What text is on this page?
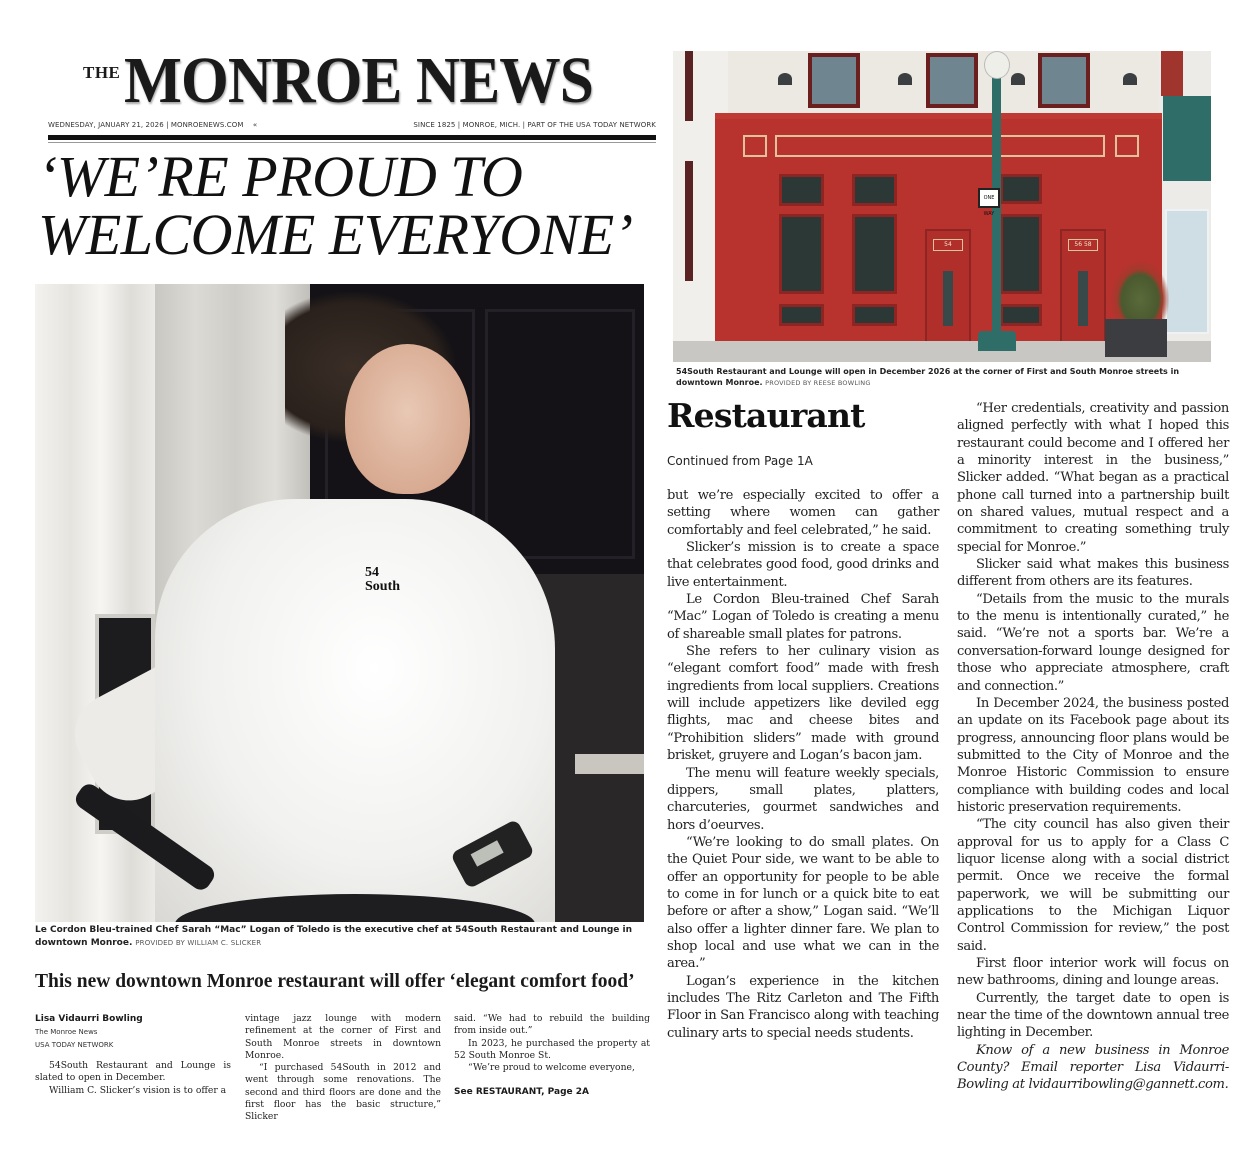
THEMONROE NEWS
WEDNESDAY, JANUARY 21, 2026 | MONROENEWS.COM «	SINCE 1825 | MONROE, MICH. | PART OF THE USA TODAY NETWORK
‘WE’RE PROUD TO
WELCOME EVERYONE’
54
South
Le Cordon Bleu-trained Chef Sarah “Mac” Logan of Toledo is the executive chef at 54South Restaurant and Lounge in downtown Monroe. PROVIDED BY WILLIAM C. SLICKER
This new downtown Monroe restaurant will offer ‘elegant comfort food’
Lisa Vidaurri Bowling
The Monroe News
USA TODAY NETWORK

54South Restaurant and Lounge is slated to open in December.

William C. Slicker’s vision is to offer a

vintage jazz lounge with modern refinement at the corner of First and South Monroe streets in downtown Monroe.

“I purchased 54South in 2012 and went through some renovations. The second and third floors are done and the first floor has the basic structure,” Slicker

said. “We had to rebuild the building from inside out.”

In 2023, he purchased the property at 52 South Monroe St.

“We’re proud to welcome everyone,

See RESTAURANT, Page 2A
54	56 58
ONE WAY
54South Restaurant and Lounge will open in December 2026 at the corner of First and South Monroe streets in downtown Monroe. PROVIDED BY REESE BOWLING
Restaurant
Continued from Page 1A

but we’re especially excited to offer a setting where women can gather comfortably and feel celebrated,” he said.

Slicker’s mission is to create a space that celebrates good food, good drinks and live entertainment.

Le Cordon Bleu-trained Chef Sarah “Mac” Logan of Toledo is creating a menu of shareable small plates for patrons.

She refers to her culinary vision as “elegant comfort food” made with fresh ingredients from local suppliers. Creations will include appetizers like deviled egg flights, mac and cheese bites and “Prohibition sliders” made with ground brisket, gruyere and Logan’s bacon jam.

The menu will feature weekly specials, dippers, small plates, platters, charcuteries, gourmet sandwiches and hors d’oeurves.

“We’re looking to do small plates. On the Quiet Pour side, we want to be able to offer an opportunity for people to be able to come in for lunch or a quick bite to eat before or after a show,” Logan said. “We’ll also offer a lighter dinner fare. We plan to shop local and use what we can in the area.”

Logan’s experience in the kitchen includes The Ritz Carleton and The Fifth Floor in San Francisco along with teaching culinary arts to special needs students.

“Her credentials, creativity and passion aligned perfectly with what I hoped this restaurant could become and I offered her a minority interest in the business,” Slicker added. “What began as a practical phone call turned into a partnership built on shared values, mutual respect and a commitment to creating something truly special for Monroe.”

Slicker said what makes this business different from others are its features.

“Details from the music to the murals to the menu is intentionally curated,” he said. “We’re not a sports bar. We’re a conversation-forward lounge designed for those who appreciate atmosphere, craft and connection.”

In December 2024, the business posted an update on its Facebook page about its progress, announcing floor plans would be submitted to the City of Monroe and the Monroe Historic Commission to ensure compliance with building codes and local historic preservation requirements.

“The city council has also given their approval for us to apply for a Class C liquor license along with a social district permit. Once we receive the formal paperwork, we will be submitting our applications to the Michigan Liquor Control Commission for review,” the post said.

First floor interior work will focus on new bathrooms, dining and lounge areas.

Currently, the target date to open is near the time of the downtown annual tree lighting in December.

Know of a new business in Monroe County? Email reporter Lisa Vidaurri-Bowling at lvidaurribowling@gannett.com.
